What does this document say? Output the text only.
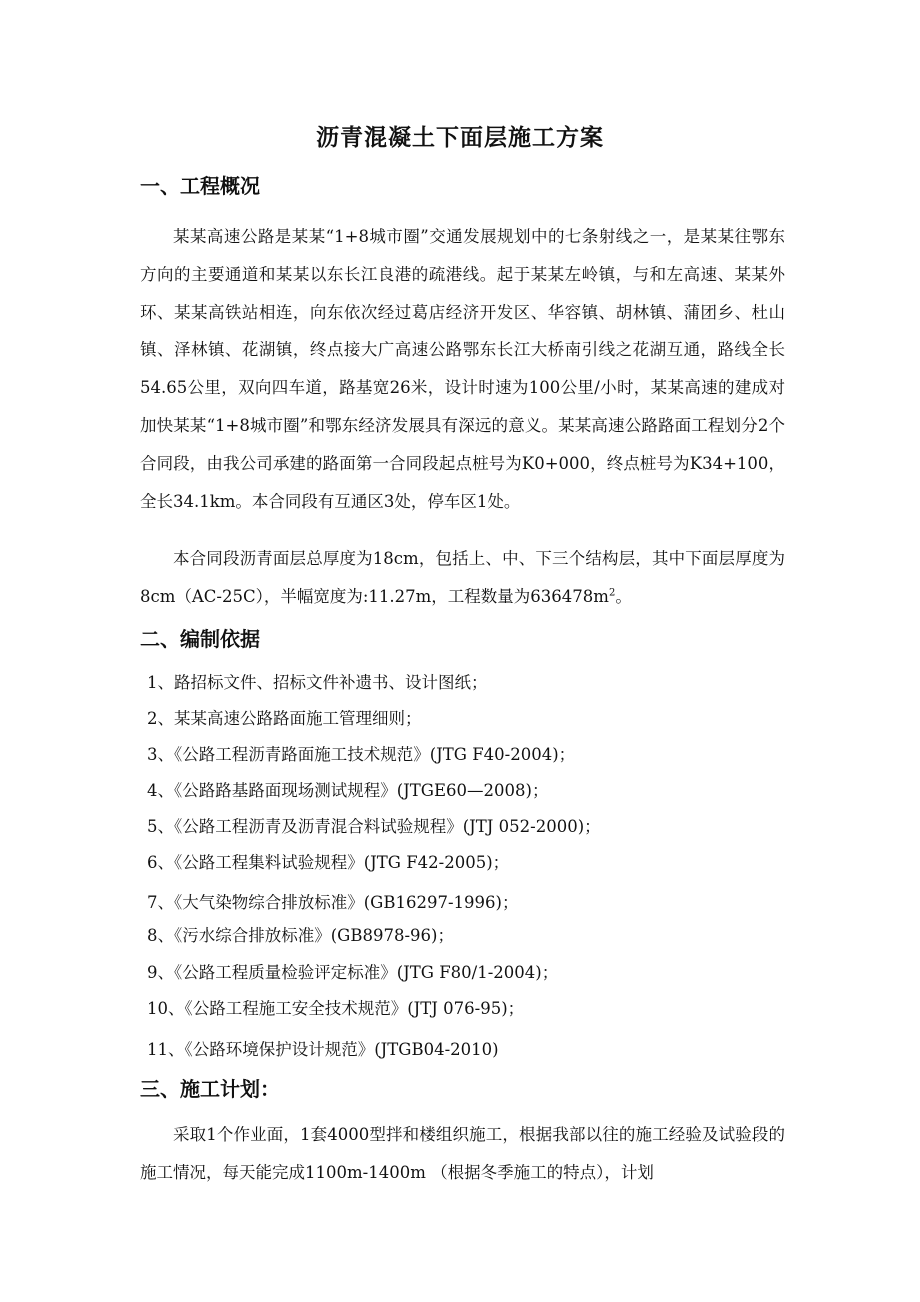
沥青混凝土下面层施工方案
一、工程概况

某某高速公路是某某“1+8城市圈”交通发展规划中的七条射线之一，是某某往鄂东方向的主要通道和某某以东长江良港的疏港线。起于某某左岭镇，与和左高速、某某外环、某某高铁站相连，向东依次经过葛店经济开发区、华容镇、胡林镇、蒲团乡、杜山镇、泽林镇、花湖镇，终点接大广高速公路鄂东长江大桥南引线之花湖互通，路线全长54.65公里，双向四车道，路基宽26米，设计时速为100公里/小时，某某高速的建成对加快某某“1+8城市圈”和鄂东经济发展具有深远的意义。某某高速公路路面工程划分2个合同段，由我公司承建的路面第一合同段起点桩号为K0+000，终点桩号为K34+100，全长34.1km。本合同段有互通区3处，停车区1处。

本合同段沥青面层总厚度为18cm，包括上、中、下三个结构层，其中下面层厚度为8cm（AC-25C），半幅宽度为:11.27m，工程数量为$636478m^2$。

二、编制依据
1、路招标文件、招标文件补遗书、设计图纸；
2、某某高速公路路面施工管理细则；
3、《公路工程沥青路面施工技术规范》(JTG F40-2004)；
4、《公路路基路面现场测试规程》(JTGE60—2008)；
5、《公路工程沥青及沥青混合料试验规程》(JTJ 052-2000)；
6、《公路工程集料试验规程》(JTG F42-2005)；
7、《大气染物综合排放标准》(GB16297-1996)；
8、《污水综合排放标准》(GB8978-96)；
9、《公路工程质量检验评定标准》(JTG F80/1-2004)；
10、《公路工程施工安全技术规范》(JTJ 076-95)；
11、《公路环境保护设计规范》(JTGB04-2010)
三、施工计划：

采取1个作业面，1套4000型拌和楼组织施工，根据我部以往的施工经验及试验段的施工情况，每天能完成1100m-1400m （根据冬季施工的特点），计划
